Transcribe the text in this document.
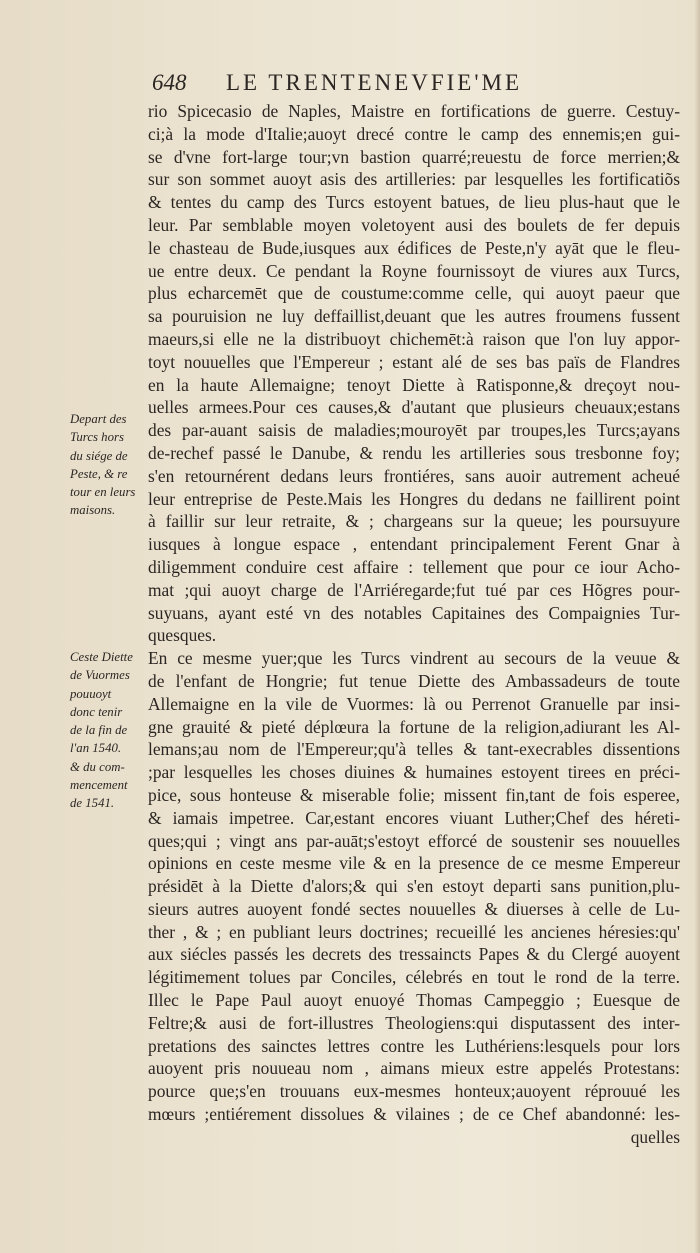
648 LE TRENTENEVFIE'ME
Depart des
Turcs hors
du siége de
Peste, & re
tour en leurs
maisons.
Ceste Diette
de Vuormes
pouuoyt
donc tenir
de la fin de
l'an 1540.
& du com-
mencement
de 1541.
rio Spicecasio de Naples, Maistre en fortifications de guerre. Cestuy-
ci;à la mode d'Italie;auoyt drecé contre le camp des ennemis;en gui-
se d'vne fort-large tour;vn bastion quarré;reuestu de force merrien;&
sur son sommet auoyt asis des artilleries: par lesquelles les fortificatiõs
& tentes du camp des Turcs estoyent batues, de lieu plus-haut que le
leur. Par semblable moyen voletoyent ausi des boulets de fer depuis
le chasteau de Bude,iusques aux édifices de Peste,n'y ayāt que le fleu-
ue entre deux. Ce pendant la Royne fournissoyt de viures aux Turcs,
plus echarcemēt que de coustume:comme celle, qui auoyt paeur que
sa pouruision ne luy deffaillist,deuant que les autres froumens fussent
maeurs,si elle ne la distribuoyt chichemēt:à raison que l'on luy appor-
toyt nouuelles que l'Empereur ; estant alé de ses bas païs de Flandres
en la haute Allemaigne; tenoyt Diette à Ratisponne,& dreçoyt nou-
uelles armees.Pour ces causes,& d'autant que plusieurs cheuaux;estans
des par-auant saisis de maladies;mouroyēt par troupes,les Turcs;ayans
de-rechef passé le Danube, & rendu les artilleries sous tresbonne foy;
s'en retournérent dedans leurs frontiéres, sans auoir autrement acheué
leur entreprise de Peste.Mais les Hongres du dedans ne faillirent point
à faillir sur leur retraite, & ; chargeans sur la queue; les poursuyure
iusques à longue espace , entendant principalement Ferent Gnar à
diligemment conduire cest affaire : tellement que pour ce iour Acho-
mat ;qui auoyt charge de l'Arriéregarde;fut tué par ces Hõgres pour-
suyuans, ayant esté vn des notables Capitaines des Compaignies Tur-
quesques.
En ce mesme yuer;que les Turcs vindrent au secours de la veuue &
de l'enfant de Hongrie; fut tenue Diette des Ambassadeurs de toute
Allemaigne en la vile de Vuormes: là ou Perrenot Granuelle par insi-
gne grauité & pieté déplœura la fortune de la religion,adiurant les Al-
lemans;au nom de l'Empereur;qu'à telles & tant-execrables dissentions
;par lesquelles les choses diuines & humaines estoyent tirees en préci-
pice, sous honteuse & miserable folie; missent fin,tant de fois esperee,
& iamais impetree. Car,estant encores viuant Luther;Chef des héreti-
ques;qui ; vingt ans par-auāt;s'estoyt efforcé de soustenir ses nouuelles
opinions en ceste mesme vile & en la presence de ce mesme Empereur
présidēt à la Diette d'alors;& qui s'en estoyt departi sans punition,plu-
sieurs autres auoyent fondé sectes nouuelles & diuerses à celle de Lu-
ther , & ; en publiant leurs doctrines; recueillé les ancienes héresies:qu'
aux siécles passés les decrets des tressaincts Papes & du Clergé auoyent
légitimement tolues par Conciles, célebrés en tout le rond de la terre.
Illec le Pape Paul auoyt enuoyé Thomas Campeggio ; Euesque de
Feltre;& ausi de fort-illustres Theologiens:qui disputassent des inter-
pretations des sainctes lettres contre les Luthériens:lesquels pour lors
auoyent pris nouueau nom , aimans mieux estre appelés Protestans:
pource que;s'en trouuans eux-mesmes honteux;auoyent réprouué les
mœurs ;entiérement dissolues & vilaines ; de ce Chef abandonné: les-
quelles
